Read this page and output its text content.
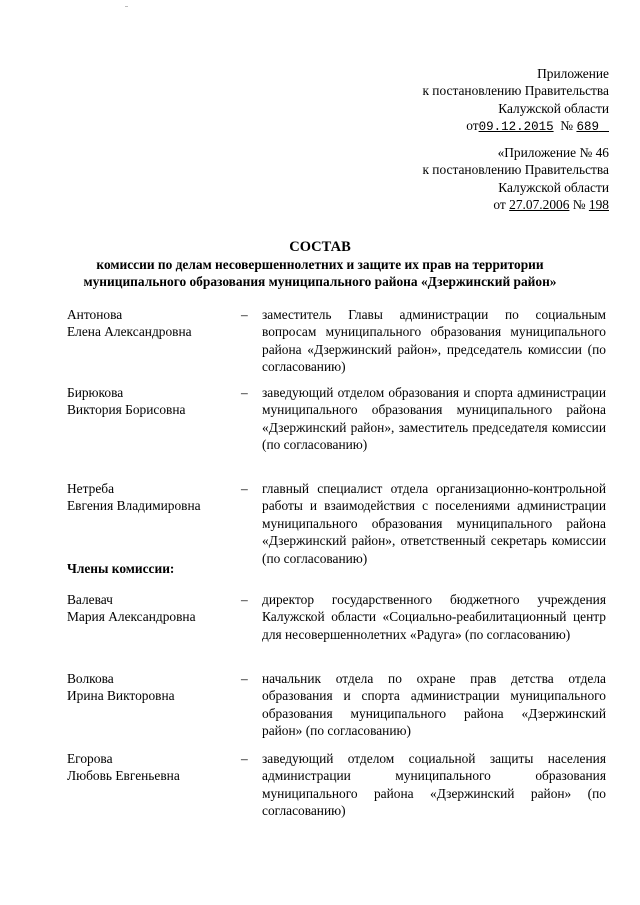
Приложение
к постановлению Правительства
Калужской области
от09.12.2015 № 689
«Приложение № 46
к постановлению Правительства
Калужской области
от 27.07.2006 № 198
СОСТАВ
комиссии по делам несовершеннолетних и защите их прав на территории
муниципального образования муниципального района «Дзержинский район»
Антонова
Елена Александровна
– заместитель Главы администрации по социальным вопросам муниципального образования муниципального района «Дзержинский район», председатель комиссии (по согласованию)
Бирюкова
Виктория Борисовна
– заведующий отделом образования и спорта администрации муниципального образования муниципального района «Дзержинский район», заместитель председателя комиссии (по согласованию)
Нетреба
Евгения Владимировна
– главный специалист отдела организационно-контрольной работы и взаимодействия с поселениями администрации муниципального образования муниципального района «Дзержинский район», ответственный секретарь комиссии (по согласованию)
Члены комиссии:
Валевач
Мария Александровна
– директор государственного бюджетного учреждения Калужской области «Социально-реабилитационный центр для несовершеннолетних «Радуга» (по согласованию)
Волкова
Ирина Викторовна
– начальник отдела по охране прав детства отдела образования и спорта администрации муниципального образования муниципального района «Дзержинский район» (по согласованию)
Егорова
Любовь Евгеньевна
– заведующий отделом социальной защиты населения администрации муниципального образования муниципального района «Дзержинский район» (по согласованию)
